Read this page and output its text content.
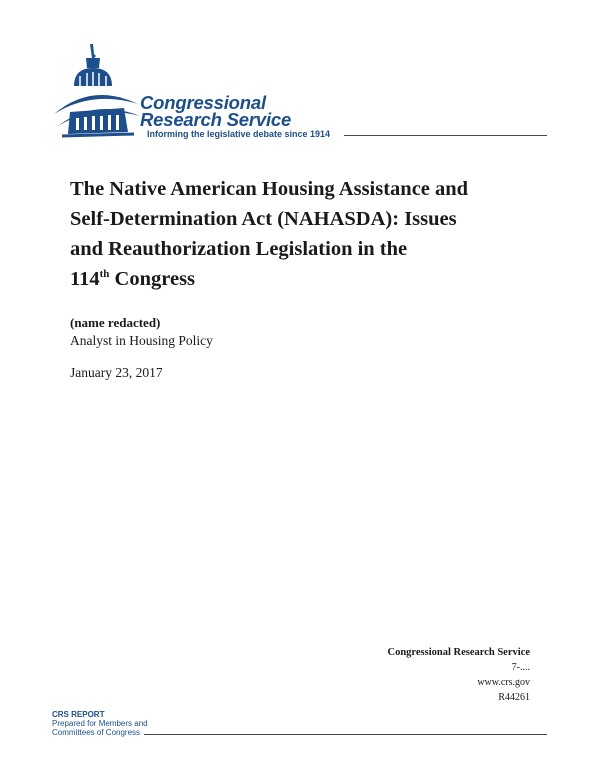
Congressional
Research Service
Informing the legislative debate since 1914
The Native American Housing Assistance and
Self-Determination Act (NAHASDA): Issues
and Reauthorization Legislation in the
114th Congress
(name redacted)
Analyst in Housing Policy
January 23, 2017
Congressional Research Service
7-....
www.crs.gov
R44261
CRS REPORT
Prepared for Members and
Committees of Congress
